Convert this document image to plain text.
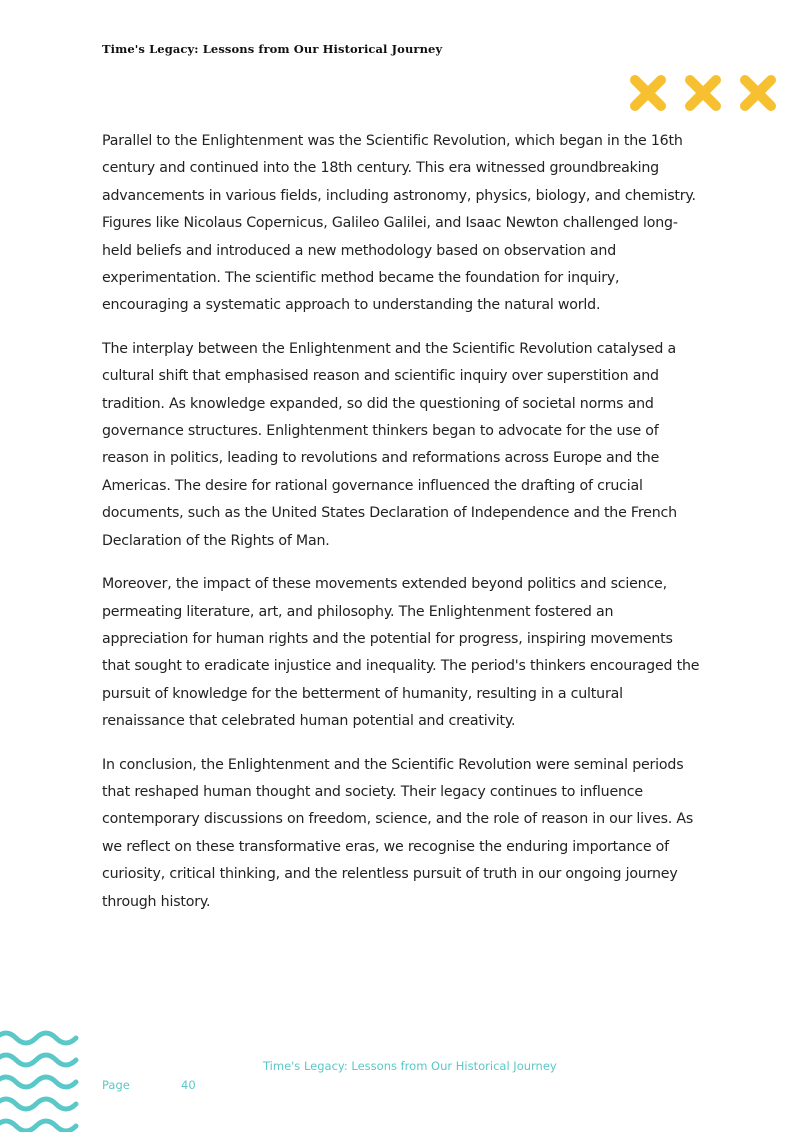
Time's Legacy: Lessons from Our Historical Journey

Parallel to the Enlightenment was the Scientific Revolution, which began in the 16th century and continued into the 18th century. This era witnessed groundbreaking advancements in various fields, including astronomy, physics, biology, and chemistry. Figures like Nicolaus Copernicus, Galileo Galilei, and Isaac Newton challenged long-held beliefs and introduced a new methodology based on observation and experimentation. The scientific method became the foundation for inquiry, encouraging a systematic approach to understanding the natural world.

The interplay between the Enlightenment and the Scientific Revolution catalysed a cultural shift that emphasised reason and scientific inquiry over superstition and tradition. As knowledge expanded, so did the questioning of societal norms and governance structures. Enlightenment thinkers began to advocate for the use of reason in politics, leading to revolutions and reformations across Europe and the Americas. The desire for rational governance influenced the drafting of crucial documents, such as the United States Declaration of Independence and the French Declaration of the Rights of Man.

Moreover, the impact of these movements extended beyond politics and science, permeating literature, art, and philosophy. The Enlightenment fostered an appreciation for human rights and the potential for progress, inspiring movements that sought to eradicate injustice and inequality. The period's thinkers encouraged the pursuit of knowledge for the betterment of humanity, resulting in a cultural renaissance that celebrated human potential and creativity.

In conclusion, the Enlightenment and the Scientific Revolution were seminal periods that reshaped human thought and society. Their legacy continues to influence contemporary discussions on freedom, science, and the role of reason in our lives. As we reflect on these transformative eras, we recognise the enduring importance of curiosity, critical thinking, and the relentless pursuit of truth in our ongoing journey through history.

Time's Legacy: Lessons from Our Historical Journey
Page	40
